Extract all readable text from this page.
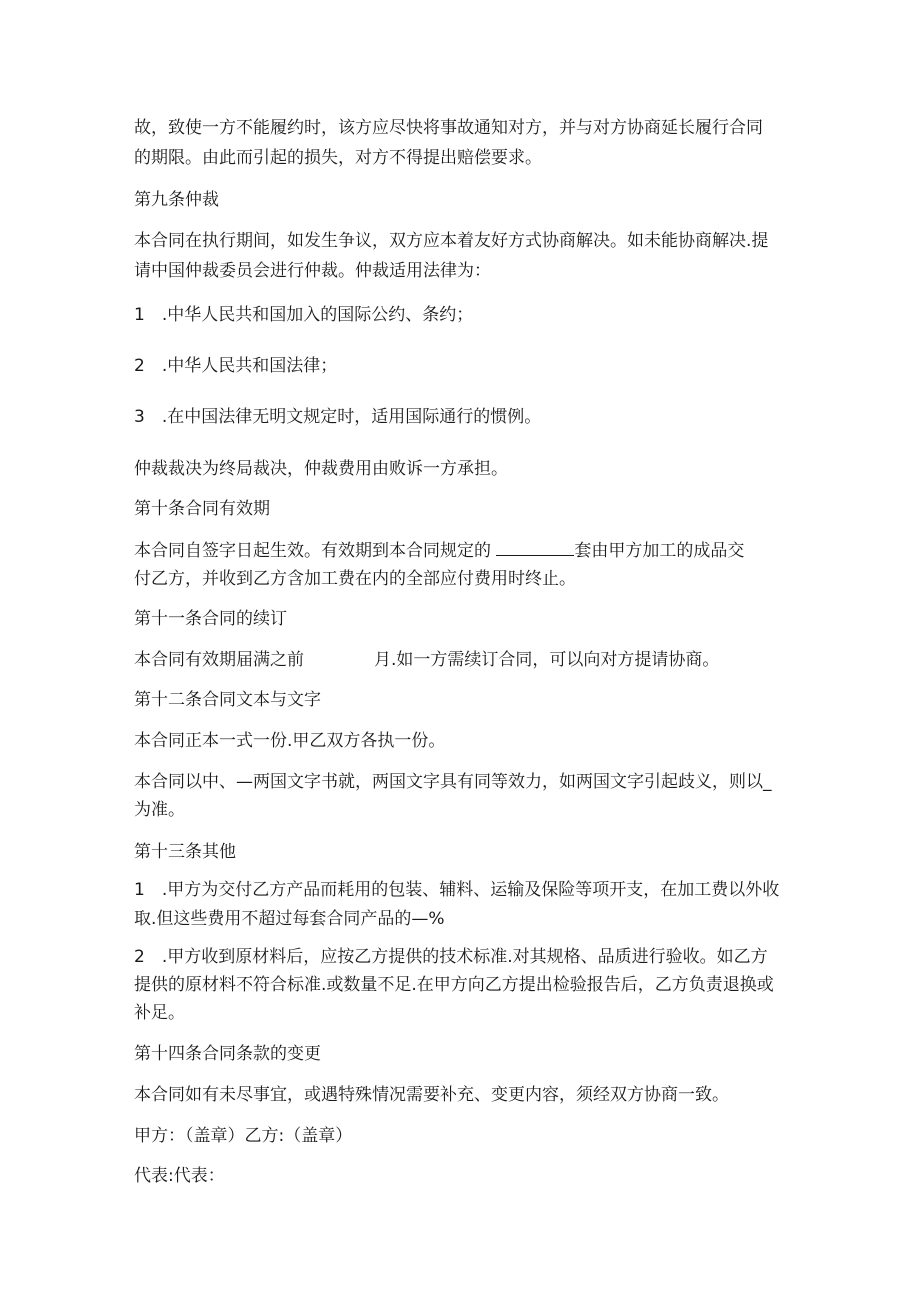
故，致使一方不能履约时，该方应尽快将事故通知对方，并与对方协商延长履行合同
的期限。由此而引起的损失，对方不得提出赔偿要求。
第九条仲裁
本合同在执行期间，如发生争议，双方应本着友好方式协商解决。如未能协商解决.提
请中国仲裁委员会进行仲裁。仲裁适用法律为：
1　.中华人民共和国加入的国际公约、条约；
2　.中华人民共和国法律；
3　.在中国法律无明文规定时，适用国际通行的惯例。
仲裁裁决为终局裁决，仲裁费用由败诉一方承担。
第十条合同有效期
本合同自签字日起生效。有效期到本合同规定的	套由甲方加工的成品交
付乙方，并收到乙方含加工费在内的全部应付费用时终止。
第十一条合同的续订
本合同有效期届满之前	月.如一方需续订合同，可以向对方提请协商。
第十二条合同文本与文字
本合同正本一式一份.甲乙双方各执一份。
本合同以中、—两国文字书就，两国文字具有同等效力，如两国文字引起歧义，则以_
为准。
第十三条其他
1　.甲方为交付乙方产品而耗用的包装、辅料、运输及保险等项开支，在加工费以外收
取.但这些费用不超过每套合同产品的—%
2　.甲方收到原材料后，应按乙方提供的技术标准.对其规格、品质进行验收。如乙方
提供的原材料不符合标准.或数量不足.在甲方向乙方提出检验报告后，乙方负责退换或
补足。
第十四条合同条款的变更
本合同如有未尽事宜，或遇特殊情况需要补充、变更内容，须经双方协商一致。
甲方：（盖章）乙方:（盖章）
代表:代表：
